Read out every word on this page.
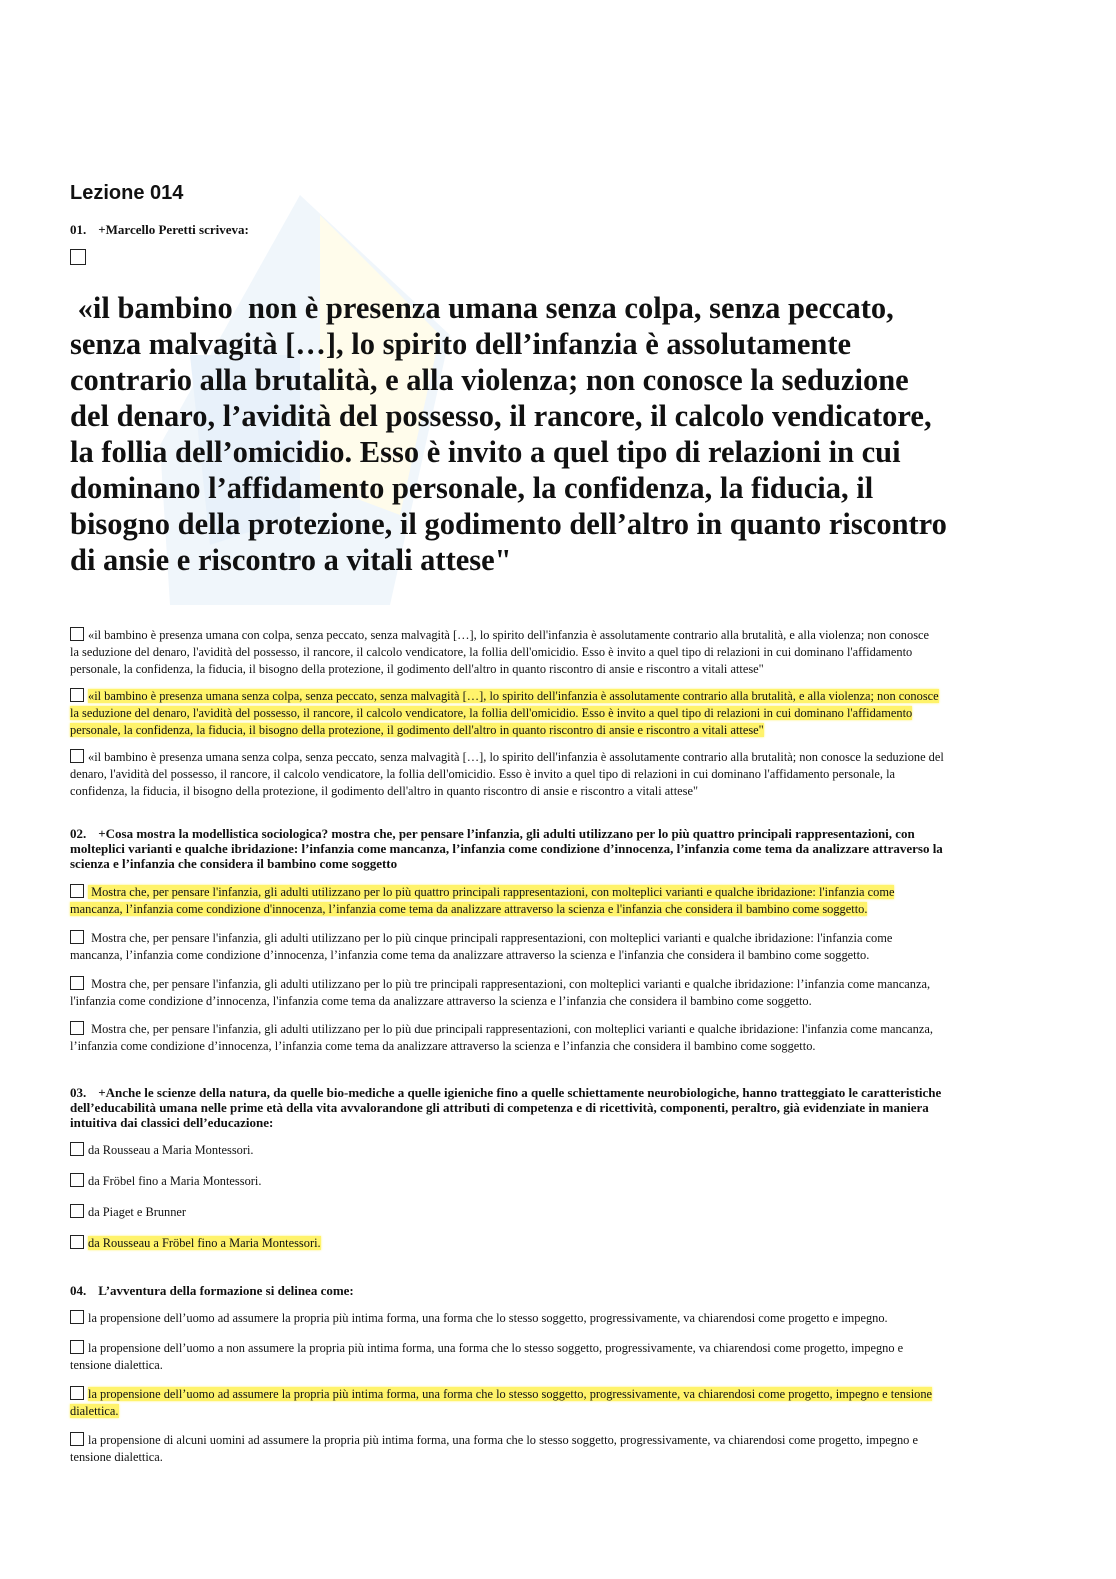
Lezione 014
01. +Marcello Peretti scriveva:
«il bambino  non è presenza umana senza colpa, senza peccato,
senza malvagità […], lo spirito dell’infanzia è assolutamente
contrario alla brutalità, e alla violenza; non conosce la seduzione
del denaro, l’avidità del possesso, il rancore, il calcolo vendicatore,
la follia dell’omicidio. Esso è invito a quel tipo di relazioni in cui
dominano l’affidamento personale, la confidenza, la fiducia, il
bisogno della protezione, il godimento dell’altro in quanto riscontro
di ansie e riscontro a vitali attese"
«il bambino è presenza umana con colpa, senza peccato, senza malvagità […], lo spirito dell'infanzia è assolutamente contrario alla brutalità, e alla violenza; non conosce
la seduzione del denaro, l'avidità del possesso, il rancore, il calcolo vendicatore, la follia dell'omicidio. Esso è invito a quel tipo di relazioni in cui dominano l'affidamento
personale, la confidenza, la fiducia, il bisogno della protezione, il godimento dell'altro in quanto riscontro di ansie e riscontro a vitali attese"
«il bambino è presenza umana senza colpa, senza peccato, senza malvagità […], lo spirito dell'infanzia è assolutamente contrario alla brutalità, e alla violenza; non conosce
la seduzione del denaro, l'avidità del possesso, il rancore, il calcolo vendicatore, la follia dell'omicidio. Esso è invito a quel tipo di relazioni in cui dominano l'affidamento
personale, la confidenza, la fiducia, il bisogno della protezione, il godimento dell'altro in quanto riscontro di ansie e riscontro a vitali attese"
«il bambino è presenza umana senza colpa, senza peccato, senza malvagità […], lo spirito dell'infanzia è assolutamente contrario alla brutalità; non conosce la seduzione del
denaro, l'avidità del possesso, il rancore, il calcolo vendicatore, la follia dell'omicidio. Esso è invito a quel tipo di relazioni in cui dominano l'affidamento personale, la
confidenza, la fiducia, il bisogno della protezione, il godimento dell'altro in quanto riscontro di ansie e riscontro a vitali attese"
02. +Cosa mostra la modellistica sociologica? mostra che, per pensare l’infanzia, gli adulti utilizzano per lo più quattro principali rappresentazioni, con
molteplici varianti e qualche ibridazione: l’infanzia come mancanza, l’infanzia come condizione d’innocenza, l’infanzia come tema da analizzare attraverso la
scienza e l’infanzia che considera il bambino come soggetto
Mostra che, per pensare l'infanzia, gli adulti utilizzano per lo più quattro principali rappresentazioni, con molteplici varianti e qualche ibridazione: l'infanzia come
mancanza, l’infanzia come condizione d'innocenza, l’infanzia come tema da analizzare attraverso la scienza e l'infanzia che considera il bambino come soggetto.
Mostra che, per pensare l'infanzia, gli adulti utilizzano per lo più cinque principali rappresentazioni, con molteplici varianti e qualche ibridazione: l'infanzia come
mancanza, l’infanzia come condizione d’innocenza, l’infanzia come tema da analizzare attraverso la scienza e l'infanzia che considera il bambino come soggetto.
Mostra che, per pensare l'infanzia, gli adulti utilizzano per lo più tre principali rappresentazioni, con molteplici varianti e qualche ibridazione: l’infanzia come mancanza,
l'infanzia come condizione d’innocenza, l'infanzia come tema da analizzare attraverso la scienza e l’infanzia che considera il bambino come soggetto.
Mostra che, per pensare l'infanzia, gli adulti utilizzano per lo più due principali rappresentazioni, con molteplici varianti e qualche ibridazione: l'infanzia come mancanza,
l’infanzia come condizione d’innocenza, l’infanzia come tema da analizzare attraverso la scienza e l’infanzia che considera il bambino come soggetto.
03. +Anche le scienze della natura, da quelle bio-mediche a quelle igieniche fino a quelle schiettamente neurobiologiche, hanno tratteggiato le caratteristiche
dell’educabilità umana nelle prime età della vita avvalorandone gli attributi di competenza e di ricettività, componenti, peraltro, già evidenziate in maniera
intuitiva dai classici dell’educazione:
da Rousseau a Maria Montessori.
da Fröbel fino a Maria Montessori.
da Piaget e Brunner
da Rousseau a Fröbel fino a Maria Montessori.
04. L’avventura della formazione si delinea come:
la propensione dell’uomo ad assumere la propria più intima forma, una forma che lo stesso soggetto, progressivamente, va chiarendosi come progetto e impegno.
la propensione dell’uomo a non assumere la propria più intima forma, una forma che lo stesso soggetto, progressivamente, va chiarendosi come progetto, impegno e
tensione dialettica.
la propensione dell’uomo ad assumere la propria più intima forma, una forma che lo stesso soggetto, progressivamente, va chiarendosi come progetto, impegno e tensione
dialettica.
la propensione di alcuni uomini ad assumere la propria più intima forma, una forma che lo stesso soggetto, progressivamente, va chiarendosi come progetto, impegno e
tensione dialettica.
